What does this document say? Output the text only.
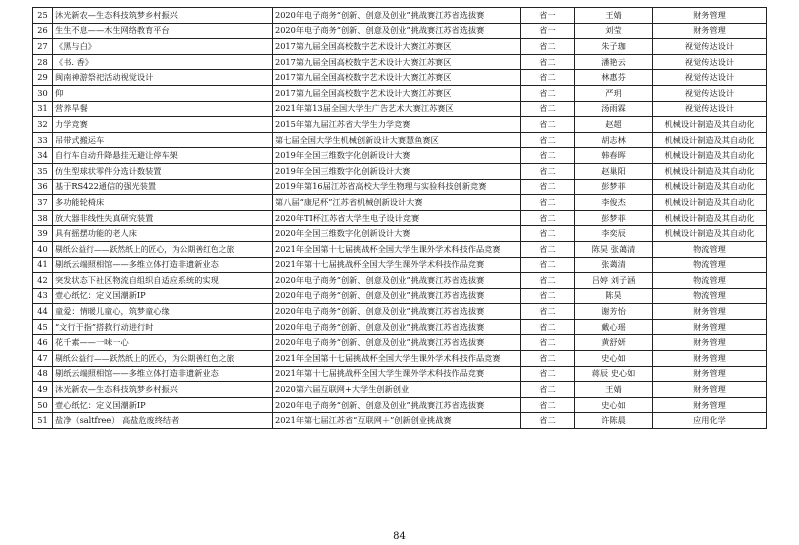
25	沐光新农—生态科技筑梦乡村振兴	2020年电子商务“创新、创意及创业”挑战赛江苏省选拔赛	省一	王婧	财务管理
26	生生不息——木生网络教育平台	2020年电子商务“创新、创意及创业”挑战赛江苏省选拔赛	省一	刘莹	财务管理
27	《黑与白》	2017第九届全国高校数字艺术设计大赛江苏赛区	省二	朱子珈	视觉传达设计
28	《书. 香》	2017第九届全国高校数字艺术设计大赛江苏赛区	省二	潘艳云	视觉传达设计
29	闽南神游祭祀活动视觉设计	2017第九届全国高校数字艺术设计大赛江苏赛区	省二	林惠芬	视觉传达设计
30	仰	2017第九届全国高校数字艺术设计大赛江苏赛区	省二	严玥	视觉传达设计
31	营养旱餐	2021年第13届全国大学生广告艺术大赛江苏赛区	省二	汤雨霖	视觉传达设计
32	力学竞赛	2015年第九届江苏省大学生力学竞赛	省二	赵超	机械设计制造及其自动化
33	吊带式搬运车	第七届全国大学生机械创新设计大赛慧鱼赛区	省二	胡志林	机械设计制造及其自动化
34	自行车自动升降悬挂无避让停车架	2019年全国三维数字化创新设计大赛	省二	韩春晖	机械设计制造及其自动化
35	仿生型球状零件分选计数装置	2019年全国三维数字化创新设计大赛	省二	赵巢阳	机械设计制造及其自动化
36	基于RS422通信的强光装置	2019年第16届江苏省高校大学生物理与实验科技创新竞赛	省二	彭梦菲	机械设计制造及其自动化
37	多功能轮椅床	第八届“康尼杯”江苏省机械创新设计大赛	省二	李俊杰	机械设计制造及其自动化
38	放大器非线性失真研究装置	2020年TI杯江苏省大学生电子设计竞赛	省二	彭梦菲	机械设计制造及其自动化
39	具有摇摆功能的老人床	2020年全国三维数字化创新设计大赛	省二	李奕辰	机械设计制造及其自动化
40	剔纸公益行——跃然纸上的匠心，为公期善红色之旅	2021年全国第十七届挑战杯全国大学生课外学术科技作品竞赛	省二	陈昊 张蔼清	物流管理
41	剔纸云端照相馆——多维立体打造非遗新业态	2021年第十七届挑战杯全国大学生课外学术科技作品竞赛	省二	张蔼清	物流管理
42	突发状态下社区物流自组织自适应系统的实现	2020年电子商务“创新、创意及创业”挑战赛江苏省选拔赛	省二	吕婷 刘子涵	物流管理
43	壹心纸忆：定义国潮新IP	2020年电子商务“创新、创意及创业”挑战赛江苏省选拔赛	省二	陈昊	物流管理
44	童爱：情暖儿童心，筑梦童心缘	2020年电子商务“创新、创意及创业”挑战赛江苏省选拔赛	省二	谢芳怡	财务管理
45	“文行于指”搭救行动进行时	2020年电子商务“创新、创意及创业”挑战赛江苏省选拔赛	省二	戴心瑶	财务管理
46	花千素——一味一心	2020年电子商务“创新、创意及创业”挑战赛江苏省选拔赛	省二	黄舒妍	财务管理
47	剔纸公益行——跃然纸上的匠心，为公期善红色之旅	2021年全国第十七届挑战杯全国大学生课外学术科技作品竞赛	省二	史心如	财务管理
48	剔纸云端照相馆——多维立体打造非遗新业态	2021年第十七届挑战杯全国大学生课外学术科技作品竞赛	省二	蒋辰 史心如	财务管理
49	沐光新农—生态科技筑梦乡村振兴	2020第六届互联网+大学生创新创业	省二	王婧	财务管理
50	壹心纸忆：定义国潮新IP	2020年电子商务“创新、创意及创业”挑战赛江苏省选拔赛	省二	史心如	财务管理
51	盐净（saltfree） 高盐危废终结者	2021年第七届江苏省“互联网＋”创新创业挑战赛	省二	许陈晨	应用化学
84
